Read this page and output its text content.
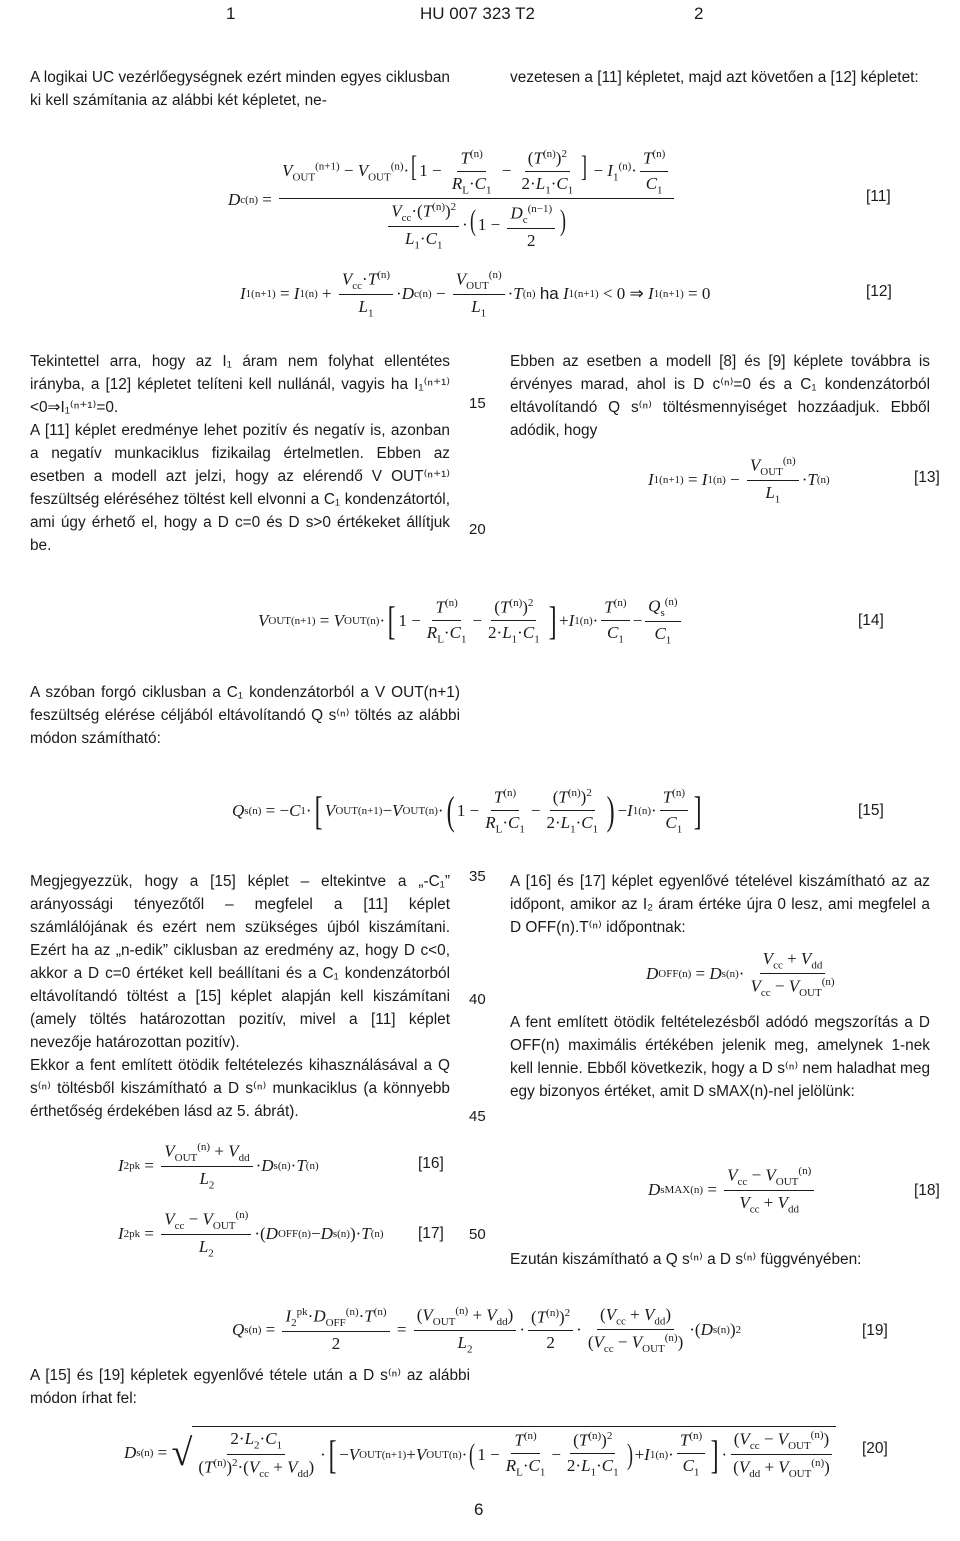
1	HU 007 323 T2	2

A logikai UC vezérlőegységnek ezért minden egyes ciklusban ki kell számítania az alábbi két képletet, ne-

vezetesen a [11] képletet, majd azt követően a [12] képletet:

D c (n) =
$V_{OUT}^{(n+1)} - V_{OUT}^{(n)}\cdot$[ $1 - \frac{T^{(n)}}{R_L\cdot C_1} - \frac{(T^{(n)})^2}{2\cdot L_1\cdot C_1}$ ] − $I_1^{(n)}\cdot \frac{T^{(n)}}{C_1}$
$V_{cc}\cdot(T^{(n)})^2$
$L_1\cdot C_1$
·( $1 - \frac{D_c^{(n-1)}}{2}$ )
[11]
I 1 (n+1) = I 1 (n) +
$V_{cc}\cdot T^{(n)}$
$L_1$
· D c (n) −
$V_{OUT}^{(n)}$
$L_1$
· T (n)
ha
I 1 (n+1) < 0 ⇒ I 1 (n+1) = 0	[12]

Tekintettel arra, hogy az I₁ áram nem folyhat ellentétes irányba, a [12] képletet telíteni kell nullánál, vagyis ha I₁⁽ⁿ⁺¹⁾<0⇒I₁⁽ⁿ⁺¹⁾=0.

A [11] képlet eredménye lehet pozitív és negatív is, azonban a negatív munkaciklus fizikailag értelmetlen. Ebben az esetben a modell azt jelzi, hogy az elérendő V OUT⁽ⁿ⁺¹⁾ feszültség eléréséhez töltést kell elvonni a C₁ kondenzátortól, ami úgy érhető el, hogy a D c=0 és D s>0 értékeket állítjuk be.

15
20

Ebben az esetben a modell [8] és [9] képlete továbbra is érvényes marad, ahol is D c⁽ⁿ⁾=0 és a C₁ kondenzátorból eltávolítandó Q s⁽ⁿ⁾ töltésmennyiséget hozzáadjuk. Ebből adódik, hogy

I 1 (n+1) = I 1 (n) −
$V_{OUT}^{(n)}$
$L_1$
· T (n)	[13]
V OUT (n+1) = V OUT (n) · [ 1 −
$T^{(n)}$
$R_L\cdot C_1$
−
$(T^{(n)})^2$
$2\cdot L_1\cdot C_1$ ] + I 1 (n) ·
$T^{(n)}$
$C_1$
−
$Q_s^{(n)}$
$C_1$
[14]

A szóban forgó ciklusban a C₁ kondenzátorból a V OUT(n+1) feszültség elérése céljából eltávolítandó Q s⁽ⁿ⁾ töltés az alábbi módon számítható:

Q s (n) = − C 1 · [ V OUT (n+1) − V OUT (n) · ( 1 −
$T^{(n)}$
$R_L\cdot C_1$
−
$(T^{(n)})^2$
$2\cdot L_1\cdot C_1$ ) − I 1 (n) ·
$T^{(n)}$
$C_1$ ]	[15]

Megjegyezzük, hogy a [15] képlet – eltekintve a „-C₁” arányossági tényezőtől – megfelel a [11] képlet számlálójának és ezért nem szükséges újból kiszámítani. Ezért ha az „n-edik” ciklusban az eredmény az, hogy D c<0, akkor a D c=0 értéket kell beállítani és a C₁ kondenzátorból eltávolítandó töltést a [15] képlet alapján kell kiszámítani (amely töltés határozottan pozitív, mivel a [11] képlet nevezője határozottan pozitív).

Ekkor a fent említett ötödik feltételezés kihasználásával a Q s⁽ⁿ⁾ töltésből kiszámítható a D s⁽ⁿ⁾ munkaciklus (a könnyebb érthetőség érdekében lásd az 5. ábrát).

35
40
45
50

A [16] és [17] képlet egyenlővé tételével kiszámítható az az időpont, amikor az I₂ áram értéke újra 0 lesz, ami megfelel a D OFF(n).T⁽ⁿ⁾ időpontnak:

D OFF (n) = D s (n) ·
$V_{cc} + V_{dd}$
$V_{cc} - V_{OUT}^{(n)}$

A fent említett ötödik feltételezésből adódó megszorítás a D OFF(n) maximális értékében jelenik meg, amelynek 1-nek kell lennie. Ebből következik, hogy a D s⁽ⁿ⁾ nem haladhat meg egy bizonyos értéket, amit D sMAX(n)-nel jelölünk:

I 2 pk =
$V_{OUT}^{(n)} + V_{dd}$
$L_2$
· D s (n) · T (n)	[16]
I 2 pk =
$V_{cc} - V_{OUT}^{(n)}$
$L_2$
·( D OFF (n) − D s (n) )· T (n) [17]
D sMAX (n) =
$V_{cc} - V_{OUT}^{(n)}$
$V_{cc} + V_{dd}$
[18]

Ezután kiszámítható a Q s⁽ⁿ⁾ a D s⁽ⁿ⁾ függvényében:

Q s (n) =
$I_2^{pk}\cdot D_{OFF}^{(n)}\cdot T^{(n)}$
2
=
$(V_{OUT}^{(n)} + V_{dd})$
$L_2$
·
$(T^{(n)})^2$
2
·
$(V_{cc} + V_{dd})$
$(V_{cc} - V_{OUT}^{(n)})$
·( D s (n) ) 2	[19]

A [15] és [19] képletek egyenlővé tétele után a D s⁽ⁿ⁾ az alábbi módon írhat fel:

D s (n) = √ $2\cdot L_2\cdot C_1$
$(T^{(n)})^2\cdot(V_{cc} + V_{dd})$
· [ − V OUT (n+1) + V OUT (n) · ( 1 −
$T^{(n)}$
$R_L\cdot C_1$
−
$(T^{(n)})^2$
$2\cdot L_1\cdot C_1$
) + I 1 (n) ·
$T^{(n)}$
$C_1$ ] ·
$(V_{cc} - V_{OUT}^{(n)})$
$(V_{dd} + V_{OUT}^{(n)})$
[20]
6
